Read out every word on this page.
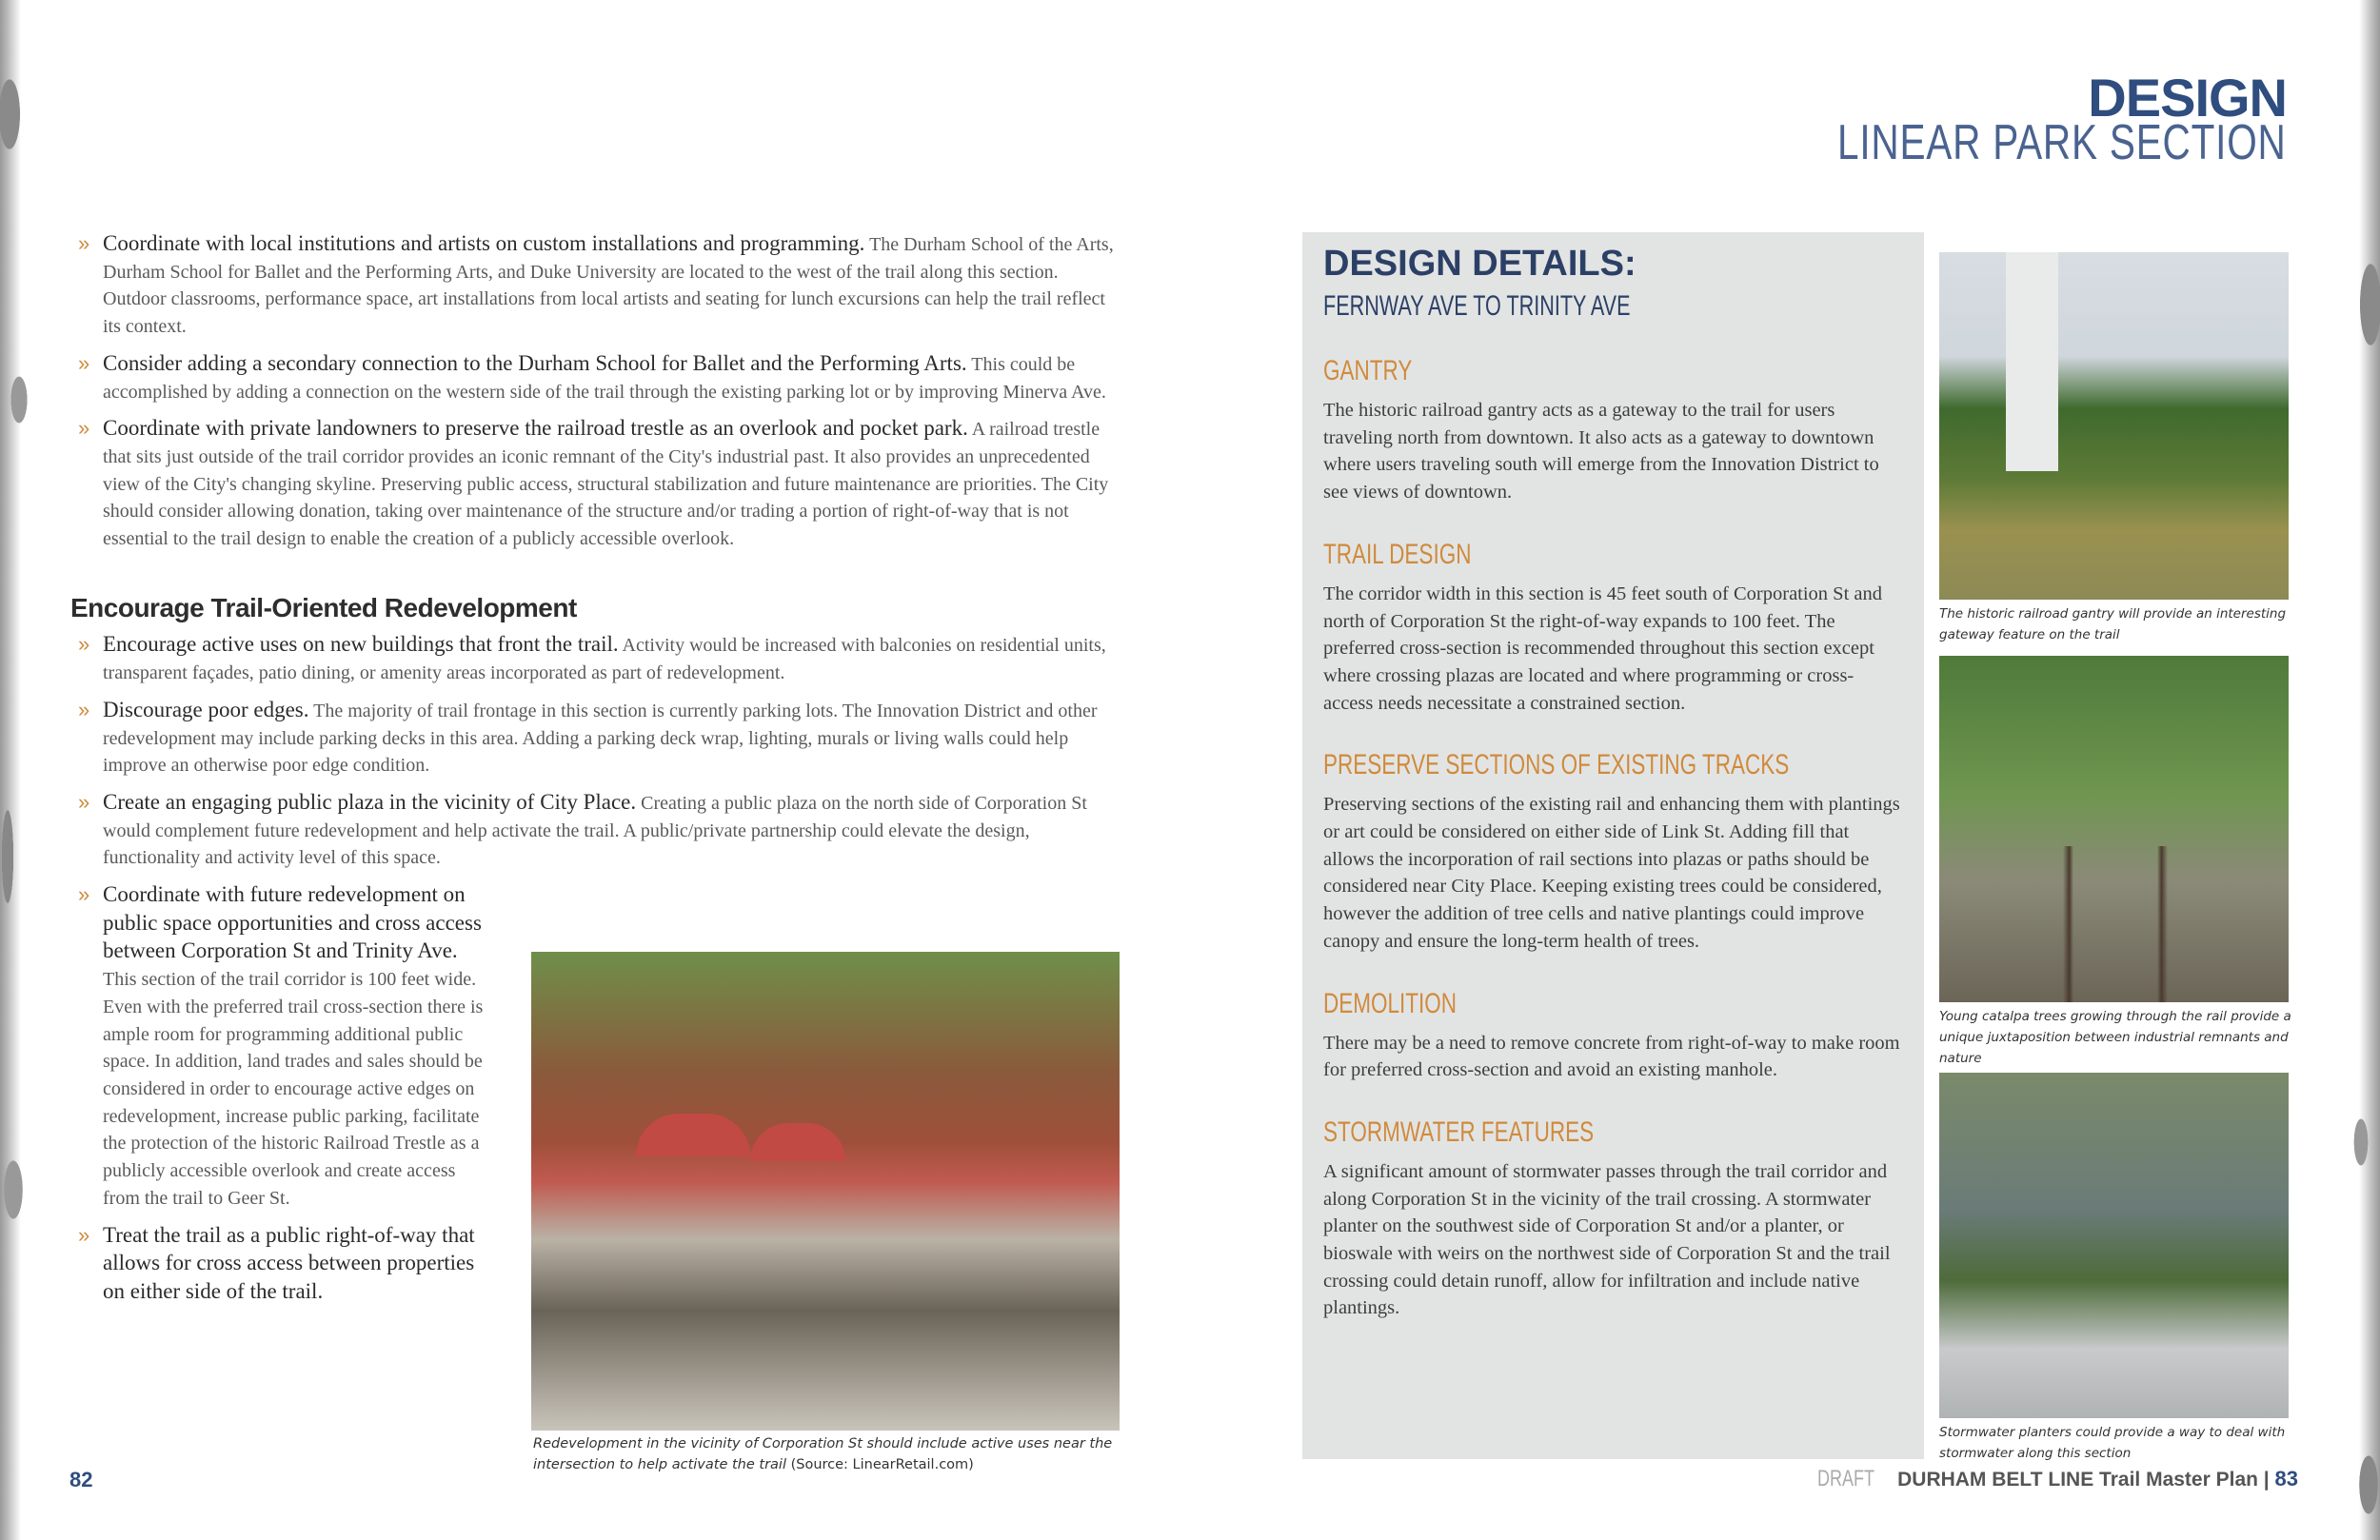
DESIGN
LINEAR PARK SECTION
» Coordinate with local institutions and artists on custom installations and programming. The Durham School of the Arts, Durham School for Ballet and the Performing Arts, and Duke University are located to the west of the trail along this section. Outdoor classrooms, performance space, art installations from local artists and seating for lunch excursions can help the trail reflect its context.
» Consider adding a secondary connection to the Durham School for Ballet and the Performing Arts. This could be accomplished by adding a connection on the western side of the trail through the existing parking lot or by improving Minerva Ave.
» Coordinate with private landowners to preserve the railroad trestle as an overlook and pocket park. A railroad trestle that sits just outside of the trail corridor provides an iconic remnant of the City's industrial past. It also provides an unprecedented view of the City's changing skyline. Preserving public access, structural stabilization and future maintenance are priorities. The City should consider allowing donation, taking over maintenance of the structure and/or trading a portion of right-of-way that is not essential to the trail design to enable the creation of a publicly accessible overlook.
Encourage Trail-Oriented Redevelopment
» Encourage active uses on new buildings that front the trail. Activity would be increased with balconies on residential units, transparent façades, patio dining, or amenity areas incorporated as part of redevelopment.
» Discourage poor edges. The majority of trail frontage in this section is currently parking lots. The Innovation District and other redevelopment may include parking decks in this area. Adding a parking deck wrap, lighting, murals or living walls could help improve an otherwise poor edge condition.
» Create an engaging public plaza in the vicinity of City Place. Creating a public plaza on the north side of Corporation St would complement future redevelopment and help activate the trail. A public/private partnership could elevate the design, functionality and activity level of this space.
» Coordinate with future redevelopment on public space opportunities and cross access between Corporation St and Trinity Ave. This section of the trail corridor is 100 feet wide. Even with the preferred trail cross-section there is ample room for programming additional public space. In addition, land trades and sales should be considered in order to encourage active edges on redevelopment, increase public parking, facilitate the protection of the historic Railroad Trestle as a publicly accessible overlook and create access from the trail to Geer St.
» Treat the trail as a public right-of-way that allows for cross access between properties on either side of the trail.
Redevelopment in the vicinity of Corporation St should include active uses near the intersection to help activate the trail (Source: LinearRetail.com)
82
DESIGN DETAILS:
FERNWAY AVE TO TRINITY AVE
GANTRY

The historic railroad gantry acts as a gateway to the trail for users traveling north from downtown. It also acts as a gateway to downtown where users traveling south will emerge from the Innovation District to see views of downtown.

TRAIL DESIGN

The corridor width in this section is 45 feet south of Corporation St and north of Corporation St the right-of-way expands to 100 feet. The preferred cross-section is recommended throughout this section except where crossing plazas are located and where programming or cross-access needs necessitate a constrained section.

PRESERVE SECTIONS OF EXISTING TRACKS

Preserving sections of the existing rail and enhancing them with plantings or art could be considered on either side of Link St. Adding fill that allows the incorporation of rail sections into plazas or paths should be considered near City Place. Keeping existing trees could be considered, however the addition of tree cells and native plantings could improve canopy and ensure the long-term health of trees.

DEMOLITION

There may be a need to remove concrete from right-of-way to make room for preferred cross-section and avoid an existing manhole.

STORMWATER FEATURES

A significant amount of stormwater passes through the trail corridor and along Corporation St in the vicinity of the trail crossing. A stormwater planter on the southwest side of Corporation St and/or a planter, or bioswale with weirs on the northwest side of Corporation St and the trail crossing could detain runoff, allow for infiltration and include native plantings.

The historic railroad gantry will provide an interesting gateway feature on the trail
Young catalpa trees growing through the rail provide a unique juxtaposition between industrial remnants and nature
Stormwater planters could provide a way to deal with stormwater along this section
DRAFT DURHAM BELT LINE Trail Master Plan | 83
